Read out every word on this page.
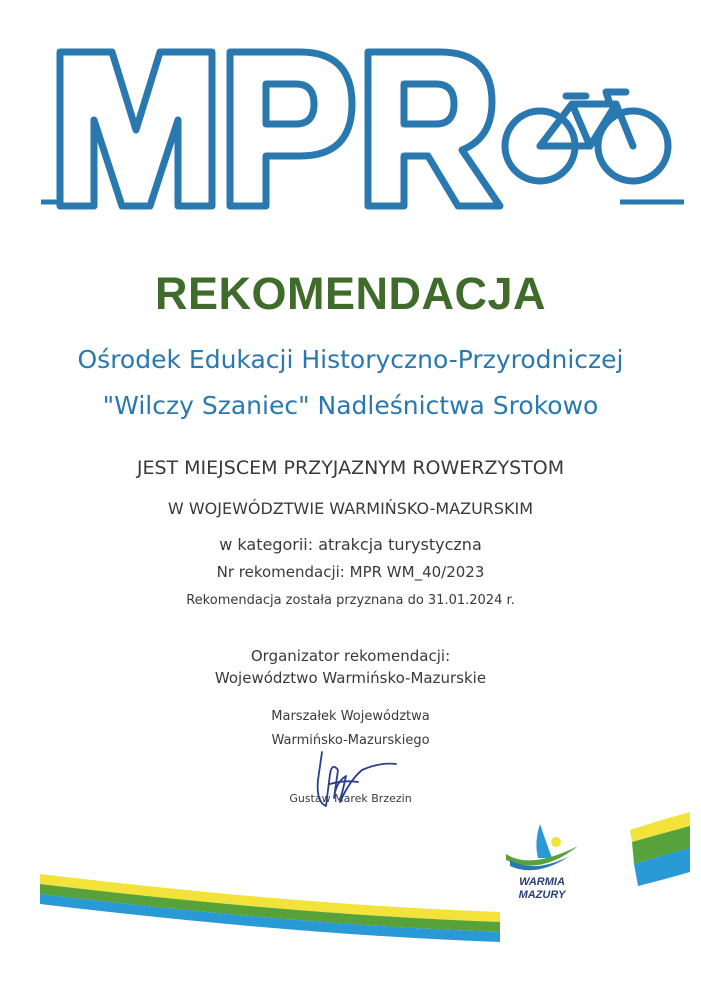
REKOMENDACJA
Ośrodek Edukacji Historyczno-Przyrodniczej
"Wilczy Szaniec" Nadleśnictwa Srokowo
JEST MIEJSCEM PRZYJAZNYM ROWERZYSTOM
W WOJEWÓDZTWIE WARMIŃSKO-MAZURSKIM
w kategorii: atrakcja turystyczna
Nr rekomendacji: MPR WM_40/2023
Rekomendacja została przyznana do 31.01.2024 r.
Organizator rekomendacji:
Województwo Warmińsko-Mazurskie
Marszałek Województwa
Warmińsko-Mazurskiego
Gustaw Marek Brzezin
WARMIA
MAZURY
